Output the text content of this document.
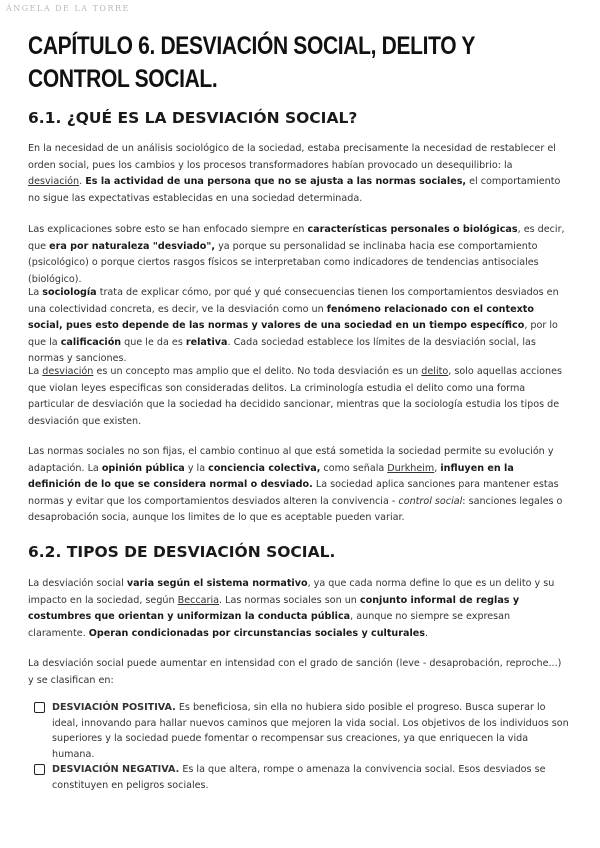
ÁNGELA DE LA TORRE
CAPÍTULO 6. DESVIACIÓN SOCIAL, DELITO Y CONTROL SOCIAL.
6.1. ¿QUÉ ES LA DESVIACIÓN SOCIAL?

En la necesidad de un análisis sociológico de la sociedad, estaba precisamente la necesidad de restablecer el orden social, pues los cambios y los procesos transformadores habían provocado un desequilibrio: la desviación. Es la actividad de una persona que no se ajusta a las normas sociales, el comportamiento no sigue las expectativas establecidas en una sociedad determinada.

Las explicaciones sobre esto se han enfocado siempre en características personales o biológicas, es decir, que era por naturaleza "desviado", ya porque su personalidad se inclinaba hacia ese comportamiento (psicológico) o porque ciertos rasgos físicos se interpretaban como indicadores de tendencias antisociales (biológico).

La sociología trata de explicar cómo, por qué y qué consecuencias tienen los comportamientos desviados en una colectividad concreta, es decir, ve la desviación como un fenómeno relacionado con el contexto social, pues esto depende de las normas y valores de una sociedad en un tiempo específico, por lo que la calificación que le da es relativa. Cada sociedad establece los límites de la desviación social, las normas y sanciones.

La desviación es un concepto mas amplio que el delito. No toda desviación es un delito, solo aquellas acciones que violan leyes especificas son consideradas delitos. La criminología estudia el delito como una forma particular de desviación que la sociedad ha decidido sancionar, mientras que la sociología estudia los tipos de desviación que existen.

Las normas sociales no son fijas, el cambio continuo al que está sometida la sociedad permite su evolución y adaptación. La opinión pública y la conciencia colectiva, como señala Durkheim, influyen en la definición de lo que se considera normal o desviado. La sociedad aplica sanciones para mantener estas normas y evitar que los comportamientos desviados alteren la convivencia - control social: sanciones legales o desaprobación socia, aunque los limites de lo que es aceptable pueden variar.

6.2. TIPOS DE DESVIACIÓN SOCIAL.

La desviación social varia según el sistema normativo, ya que cada norma define lo que es un delito y su impacto en la sociedad, según Beccaria. Las normas sociales son un conjunto informal de reglas y costumbres que orientan y uniformizan la conducta pública, aunque no siempre se expresan claramente. Operan condicionadas por circunstancias sociales y culturales.

La desviación social puede aumentar en intensidad con el grado de sanción (leve - desaprobación, reproche...) y se clasifican en:

DESVIACIÓN POSITIVA. Es beneficiosa, sin ella no hubiera sido posible el progreso. Busca superar lo ideal, innovando para hallar nuevos caminos que mejoren la vida social. Los objetivos de los individuos son superiores y la sociedad puede fomentar o recompensar sus creaciones, ya que enriquecen la vida humana.
DESVIACIÓN NEGATIVA. Es la que altera, rompe o amenaza la convivencia social. Esos desviados se constituyen en peligros sociales.
